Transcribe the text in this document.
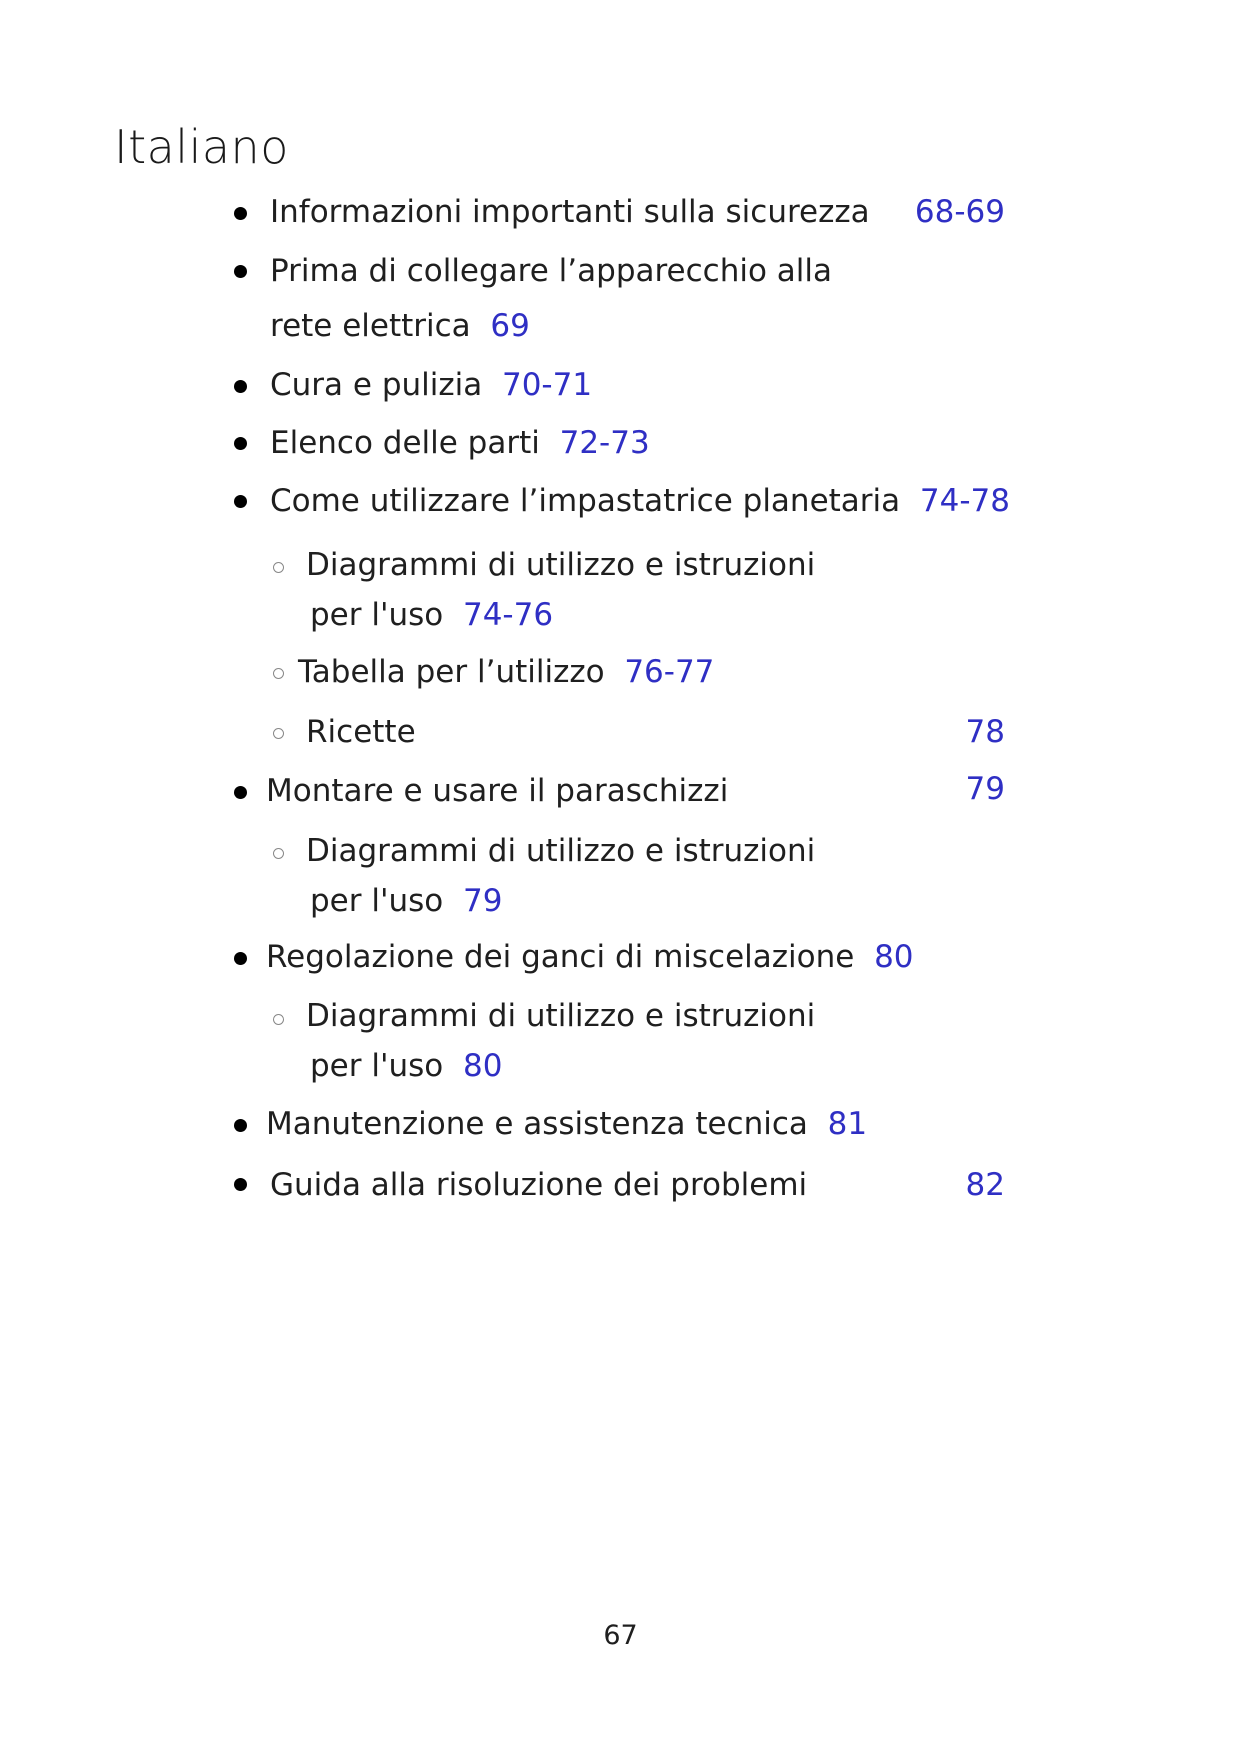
Italiano
Informazioni importanti sulla sicurezza	68-69
Prima di collegare l’apparecchio alla
rete elettrica 69
Cura e pulizia 70-71
Elenco delle parti 72-73
Come utilizzare l’impastatrice planetaria 74-78
Diagrammi di utilizzo e istruzioni
per l'uso 74-76
Tabella per l’utilizzo 76-77
Ricette	78
Montare e usare il paraschizzi	79
Diagrammi di utilizzo e istruzioni
per l'uso 79
Regolazione dei ganci di miscelazione 80
Diagrammi di utilizzo e istruzioni
per l'uso 80
Manutenzione e assistenza tecnica 81
Guida alla risoluzione dei problemi	82
67
